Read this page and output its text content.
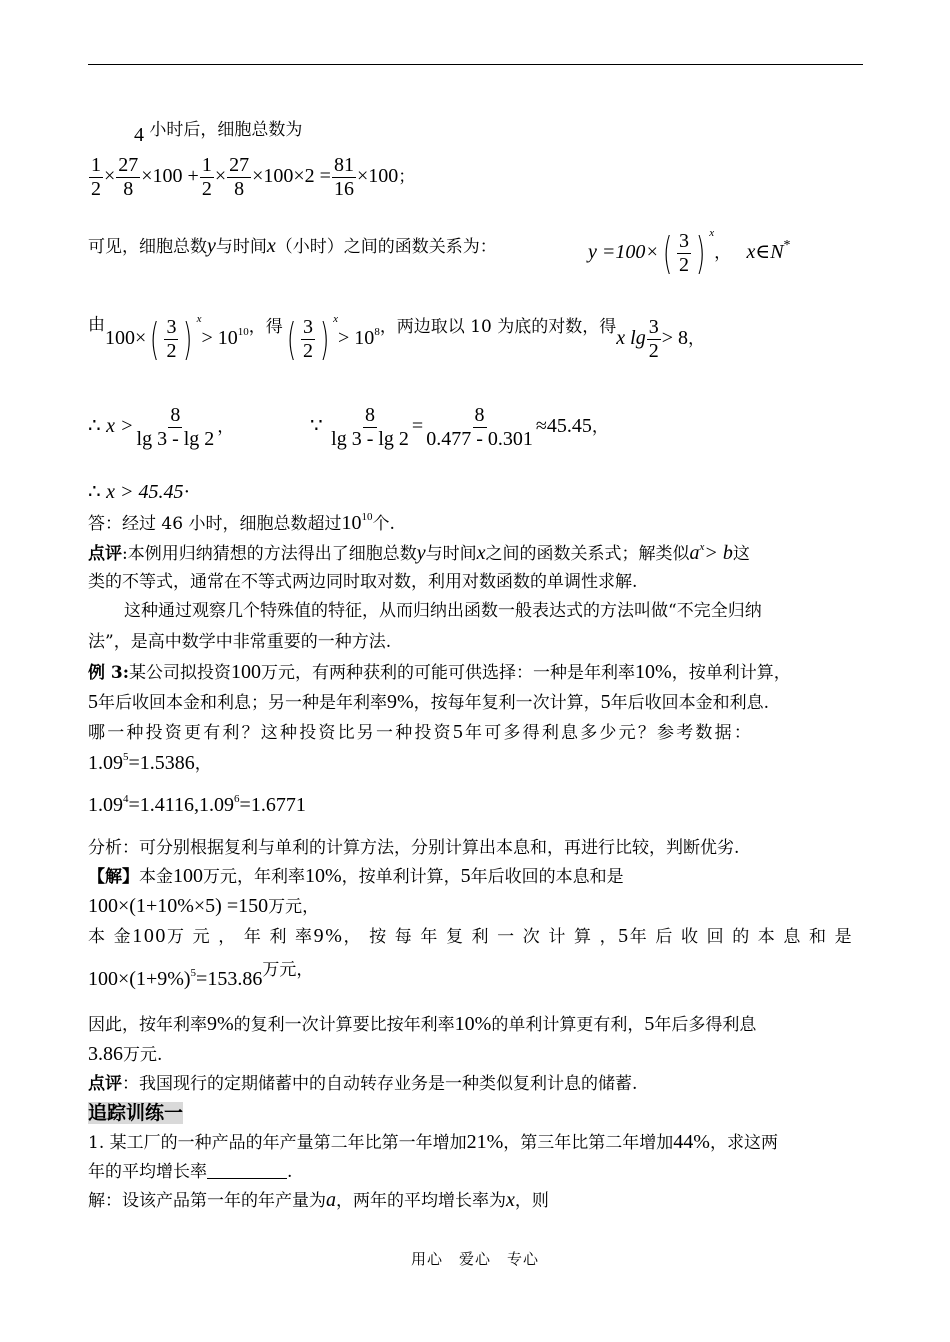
4 小时后，细胞总数为
$\frac{1}{2} \times \frac{27}{8} \times 100 + \frac{1}{2} \times \frac{27}{8} \times 100\times 2 = \frac{81}{16} \times 100$；
可见，细胞总数y与时间x（小时）之间的函数关系为：	y =100× ( $\frac{3}{2}$ ) $^x$， x∈N*
由100× ( $\frac{3}{2}$ ) $^x> 10^{10}$，得 ( $\frac{3}{2}$ ) $^x> 10^8$，两边取以 10 为底的对数，得x $\lg \frac{3}{2} > 8$，
∴ $x > \frac{8}{\lg 3 - \lg 2}$ ，	∵ $\frac{8}{\lg 3 - \lg 2} = \frac{8}{0.477 - 0.301} \approx 45.45$，
∴ x > 45.45·
答：经过 46 小时，细胞总数超过$10^{10}$个.
点评:本例用归纳猜想的方法得出了细胞总数y与时间x之间的函数关系式；解类似$a^x> b$这
类的不等式，通常在不等式两边同时取对数，利用对数函数的单调性求解.
这种通过观察几个特殊值的特征，从而归纳出函数一般表达式的方法叫做“不完全归纳
法”，是高中数学中非常重要的一种方法.
例 3:某公司拟投资100万元，有两种获利的可能可供选择：一种是年利率10%，按单利计算，
5年后收回本金和利息；另一种是年利率9%，按每年复利一次计算，5年后收回本金和利息.
哪一种投资更有利？这种投资比另一种投资5年可多得利息多少元？参考数据：
$1.09^5=1.5386$，
$1.09^4=1.4116,1.09^6=1.6771$
分析：可分别根据复利与单利的计算方法，分别计算出本息和，再进行比较，判断优劣.
【解】本金100万元，年利率10%，按单利计算，5年后收回的本息和是
100×(1+10%×5) =150万元，
本 金100万 元 ， 年 利 率9%， 按 每 年 复 利 一 次 计 算 ，5年 后 收 回 的 本 息 和 是
$100\times(1+9\%)^5=153.86$万元，
因此，按年利率9%的复利一次计算要比按年利率10%的单利计算更有利，5年后多得利息
3.86万元.
点评：我国现行的定期储蓄中的自动转存业务是一种类似复利计息的储蓄.
追踪训练一
1. 某工厂的一种产品的年产量第二年比第一年增加21%，第三年比第二年增加44%，求这两
年的平均增长率	.
解：设该产品第一年的年产量为a，两年的平均增长率为x，则
用心　爱心　专心
